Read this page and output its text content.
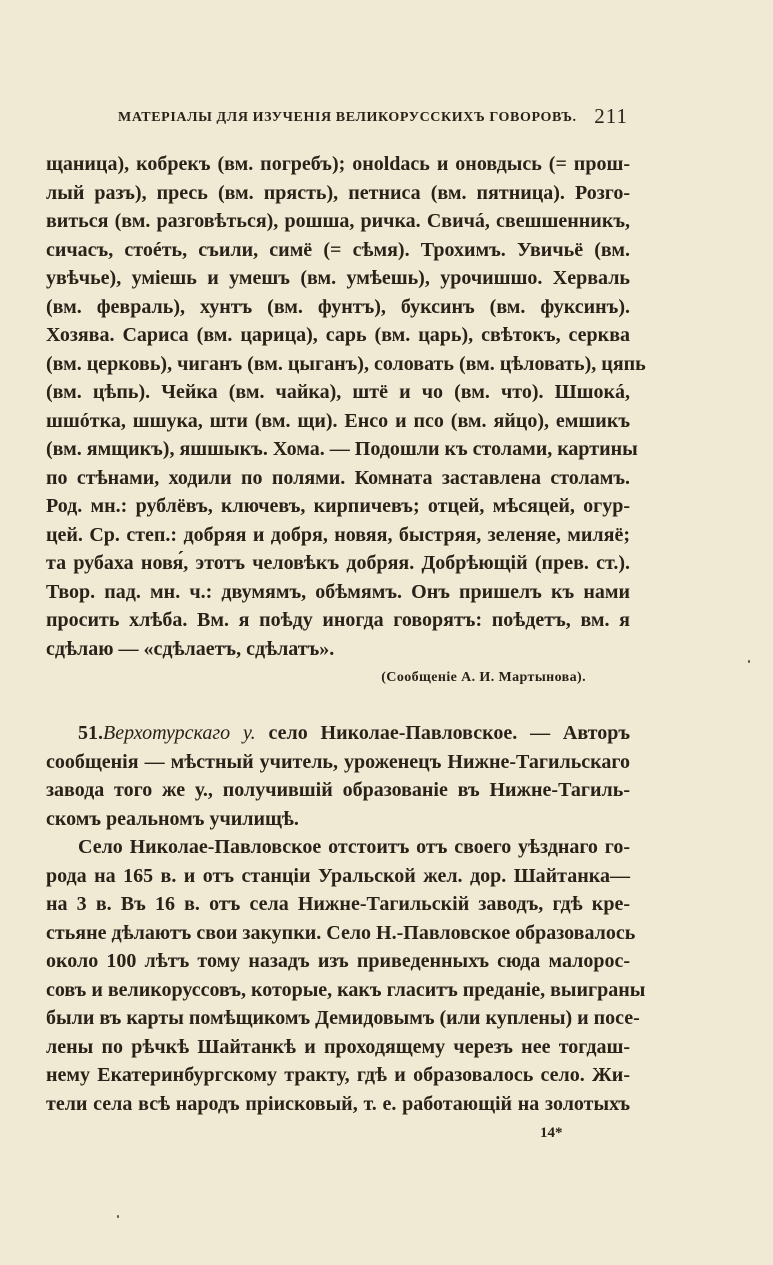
МАТЕРІАЛЫ ДЛЯ ИЗУЧЕНІЯ ВЕЛИКОРУССКИХЪ ГОВОРОВЪ. 211
щаница), кобрекъ (вм. погребъ); оноldась и оновдысь (= прош-
лый разъ), пресь (вм. прясть), петниса (вм. пятница). Розго-
виться (вм. разговѣться), рошша, ричка. Свичá, свешшенникъ,
сичасъ, стоéть, съили, симё (= сѣмя). Трохимъ. Увичьё (вм.
увѣчье), уміешь и умешъ (вм. умѣешь), урочишшо. Херваль
(вм. февраль), хунтъ (вм. фунтъ), буксинъ (вм. фуксинъ).
Хозява. Сариса (вм. царица), сарь (вм. царь), свѣтокъ, серква
(вм. церковь), чиганъ (вм. цыганъ), соловать (вм. цѣловать), цяпь
(вм. цѣпь). Чейка (вм. чайка), штё и чо (вм. что). Шшокá,
шшóтка, шшука, шти (вм. щи). Енсо и псо (вм. яйцо), емшикъ
(вм. ямщикъ), яшшыкъ. Хома. — Подошли къ столами, картины
по стѣнами, ходили по полями. Комната заставлена столамъ.
Род. мн.: рублёвъ, ключевъ, кирпичевъ; отцей, мѣсяцей, огур-
цей. Ср. степ.: добряя и добря, новяя, быстряя, зеленяе, миляё;
та рубаха новя́, этотъ человѣкъ добряя. Добрѣющій (прев. ст.).
Твор. пад. мн. ч.: двумямъ, обѣмямъ. Онъ пришелъ къ нами
просить хлѣба. Вм. я поѣду иногда говорятъ: поѣдетъ, вм. я
сдѣлаю — «сдѣлаетъ, сдѣлатъ».
(Сообщеніе А. И. Мартынова).
51.Верхотурскаго у. село Николае-Павловское. — Авторъ
сообщенія — мѣстный учитель, уроженецъ Нижне-Тагильскаго
завода того же у., получившій образованіе въ Нижне-Тагиль-
скомъ реальномъ училищѣ.
Село Николае-Павловское отстоитъ отъ своего уѣзднаго го-
рода на 165 в. и отъ станціи Уральской жел. дор. Шайтанка—
на 3 в. Въ 16 в. отъ села Нижне-Тагильскій заводъ, гдѣ кре-
стьяне дѣлаютъ свои закупки. Село Н.-Павловское образовалось
около 100 лѣтъ тому назадъ изъ приведенныхъ сюда малорос-
совъ и великоруссовъ, которые, какъ гласитъ преданіе, выиграны
были въ карты помѣщикомъ Демидовымъ (или куплены) и посе-
лены по рѣчкѣ Шайтанкѣ и проходящему черезъ нее тогдаш-
нему Екатеринбургскому тракту, гдѣ и образовалось село. Жи-
тели села всѣ народъ пріисковый, т. е. работающій на золотыхъ
14*
